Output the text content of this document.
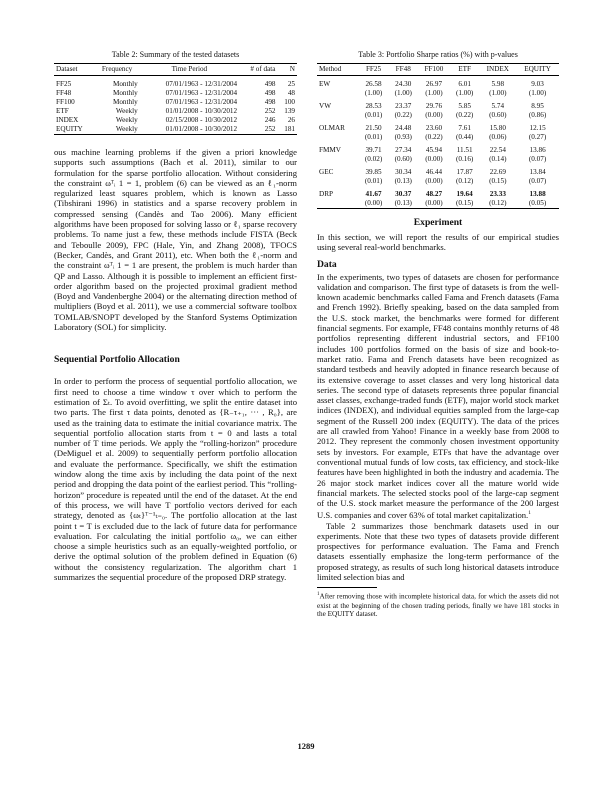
Table 2: Summary of the tested datasets
Dataset	Frequency	Time Period	# of data	N
FF25	Monthly	07/01/1963 - 12/31/2004	498	25
FF48	Monthly	07/01/1963 - 12/31/2004	498	48
FF100	Monthly	07/01/1963 - 12/31/2004	498	100
ETF	Weekly	01/01/2008 - 10/30/2012	252	139
INDEX	Weekly	02/15/2008 - 10/30/2012	246	26
EQUITY	Weekly	01/01/2008 - 10/30/2012	252	181

ous machine learning problems if the given a priori knowledge supports such assumptions (Bach et al. 2011), similar to our formulation for the sparse portfolio allocation. Without considering the constraint ωᵀᵢ 1 = 1, problem (6) can be viewed as an ℓ₁-norm regularized least squares problem, which is known as Lasso (Tibshirani 1996) in statistics and a sparse recovery problem in compressed sensing (Candès and Tao 2006). Many efficient algorithms have been proposed for solving lasso or ℓ₁ sparse recovery problems. To name just a few, these methods include FISTA (Beck and Teboulle 2009), FPC (Hale, Yin, and Zhang 2008), TFOCS (Becker, Candès, and Grant 2011), etc. When both the ℓ₁-norm and the constraint ωᵀᵢ 1 = 1 are present, the problem is much harder than QP and Lasso. Although it is possible to implement an efficient first-order algorithm based on the projected proximal gradient method (Boyd and Vandenberghe 2004) or the alternating direction method of multipliers (Boyd et al. 2011), we use a commercial software toolbox TOMLAB/SNOPT developed by the Stanford Systems Optimization Laboratory (SOL) for simplicity.

Sequential Portfolio Allocation

In order to perform the process of sequential portfolio allocation, we first need to choose a time window τ over which to perform the estimation of Σₜ. To avoid overfitting, we split the entire dataset into two parts. The first τ data points, denoted as {R₋τ₊₁, ··· , R₀}, are used as the training data to estimate the initial covariance matrix. The sequential portfolio allocation starts from t = 0 and lasts a total number of T time periods. We apply the “rolling-horizon” procedure (DeMiguel et al. 2009) to sequentially perform portfolio allocation and evaluate the performance. Specifically, we shift the estimation window along the time axis by including the data point of the next period and dropping the data point of the earliest period. This “rolling-horizon” procedure is repeated until the end of the dataset. At the end of this process, we will have T portfolio vectors derived for each strategy, denoted as {ωₜ}ᵀ⁻¹ₜ₌₀. The portfolio allocation at the last point t = T is excluded due to the lack of future data for performance evaluation. For calculating the initial portfolio ω₀, we can either choose a simple heuristics such as an equally-weighted portfolio, or derive the optimal solution of the problem defined in Equation (6) without the consistency regularization. The algorithm chart 1 summarizes the sequential procedure of the proposed DRP strategy.

Table 3: Portfolio Sharpe ratios (%) with p-values
Method	FF25	FF48	FF100	ETF	INDEX	EQUITY
EW	26.58	24.30	26.97	6.01	5.98	9.03
	(1.00)	(1.00)	(1.00)	(1.00)	(1.00)	(1.00)
VW	28.53	23.37	29.76	5.85	5.74	8.95
	(0.01)	(0.22)	(0.00)	(0.22)	(0.60)	(0.86)
OLMAR	21.50	24.48	23.60	7.61	15.80	12.15
	(0.01)	(0.93)	(0.22)	(0.44)	(0.06)	(0.27)
FMMV	39.71	27.34	45.94	11.51	22.54	13.86
	(0.02)	(0.60)	(0.00)	(0.16)	(0.14)	(0.07)
GEC	39.85	30.34	46.44	17.87	22.69	13.84
	(0.01)	(0.13)	(0.00)	(0.12)	(0.15)	(0.07)
DRP	41.67	30.37	48.27	19.64	23.33	13.88
	(0.00)	(0.13)	(0.00)	(0.15)	(0.12)	(0.05)
Experiment

In this section, we will report the results of our empirical studies using several real-world benchmarks.

Data

In the experiments, two types of datasets are chosen for performance validation and comparison. The first type of datasets is from the well-known academic benchmarks called Fama and French datasets (Fama and French 1992). Briefly speaking, based on the data sampled from the U.S. stock market, the benchmarks were formed for different financial segments. For example, FF48 contains monthly returns of 48 portfolios representing different industrial sectors, and FF100 includes 100 portfolios formed on the basis of size and book-to-market ratio. Fama and French datasets have been recognized as standard testbeds and heavily adopted in finance research because of its extensive coverage to asset classes and very long historical data series. The second type of datasets represents three popular financial asset classes, exchange-traded funds (ETF), major world stock market indices (INDEX), and individual equities sampled from the large-cap segment of the Russell 200 index (EQUITY). The data of the prices are all crawled from Yahoo! Finance in a weekly base from 2008 to 2012. They represent the commonly chosen investment opportunity sets by investors. For example, ETFs that have the advantage over conventional mutual funds of low costs, tax efficiency, and stock-like features have been highlighted in both the industry and academia. The 26 major stock market indices cover all the mature world wide financial markets. The selected stocks pool of the large-cap segment of the U.S. stock market measure the performance of the 200 largest U.S. companies and cover 63% of total market capitalization.$^1$

Table 2 summarizes those benchmark datasets used in our experiments. Note that these two types of datasets provide different prospectives for performance evaluation. The Fama and French datasets essentially emphasize the long-term performance of the proposed strategy, as results of such long historical datasets introduce limited selection bias and

$^1$After removing those with incomplete historical data, for which the assets did not exist at the beginning of the chosen trading periods, finally we have 181 stocks in the EQUITY dataset.
1289
